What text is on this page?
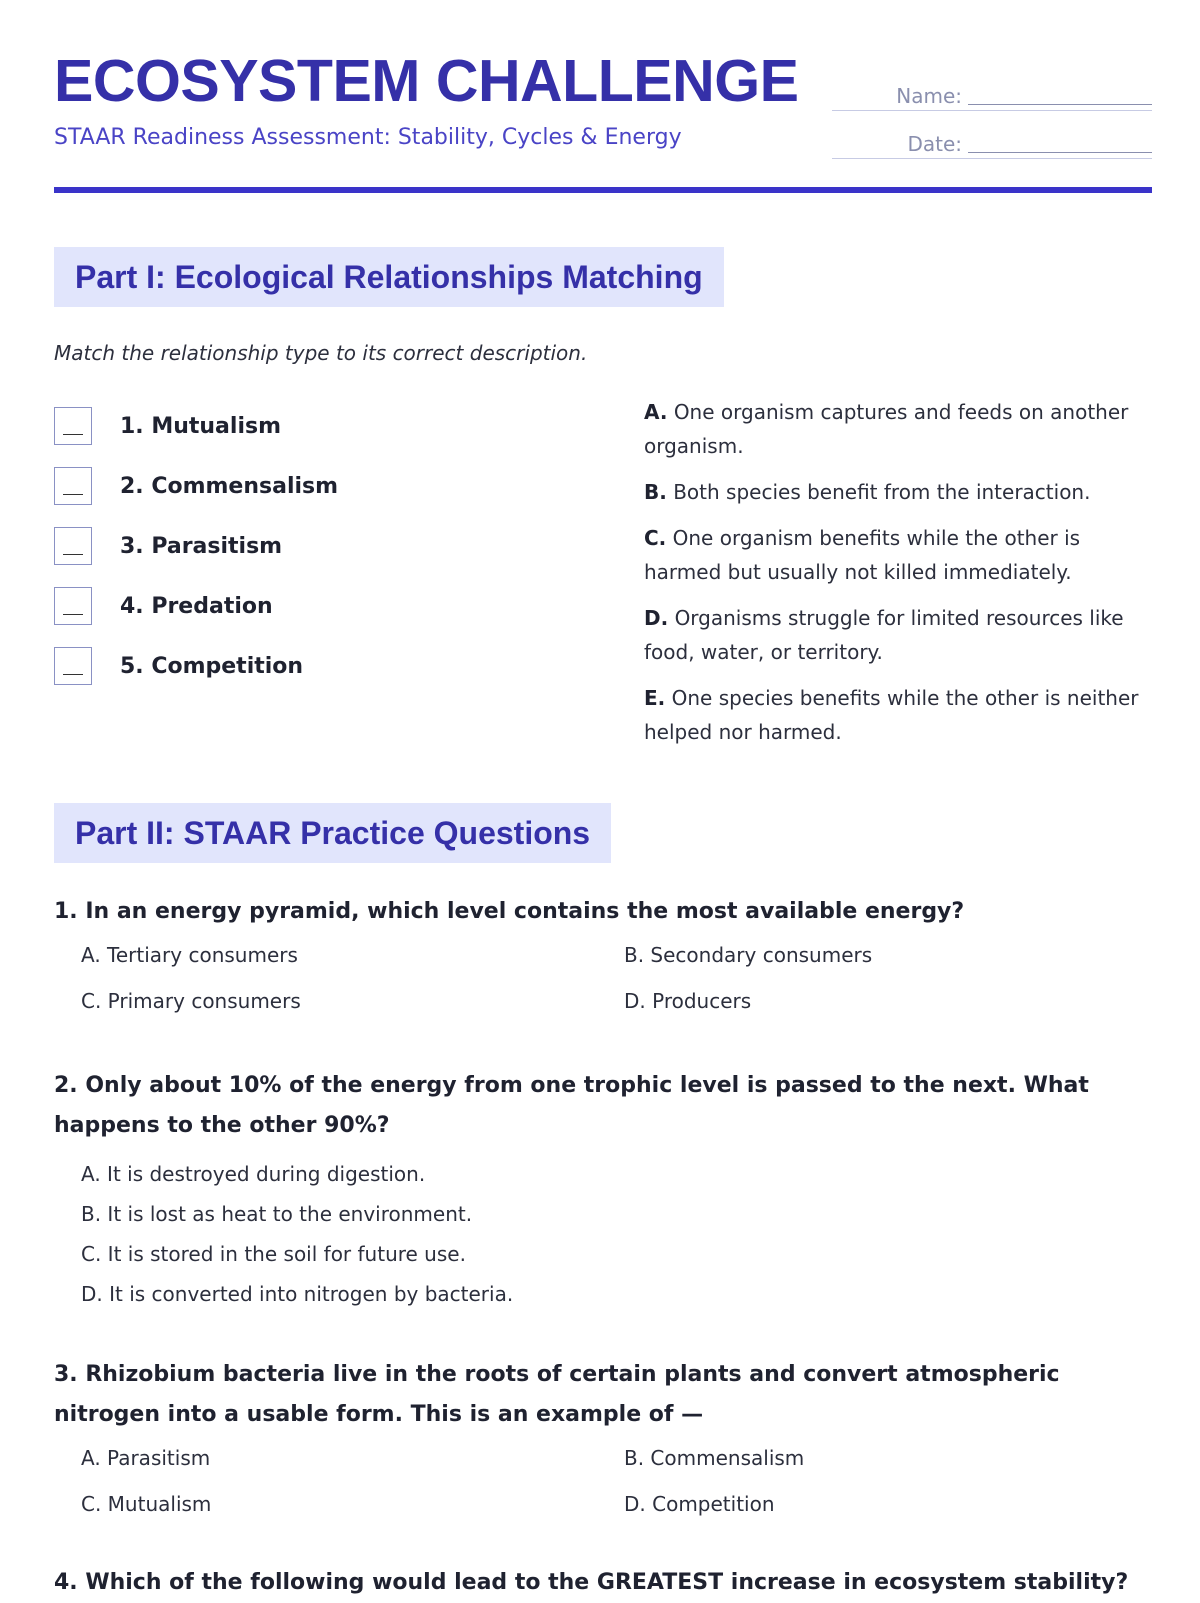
ECOSYSTEM CHALLENGE
STAAR Readiness Assessment: Stability, Cycles & Energy
Name:
Date:
Part I: Ecological Relationships Matching
Match the relationship type to its correct description.
1. Mutualism
2. Commensalism
3. Parasitism
4. Predation
5. Competition
A. One organism captures and feeds on another organism.
B. Both species benefit from the interaction.
C. One organism benefits while the other is harmed but usually not killed immediately.
D. Organisms struggle for limited resources like food, water, or territory.
E. One species benefits while the other is neither helped nor harmed.
Part II: STAAR Practice Questions
1. In an energy pyramid, which level contains the most available energy?
A. Tertiary consumers	B. Secondary consumers
C. Primary consumers	D. Producers
2. Only about 10% of the energy from one trophic level is passed to the next. What happens to the other 90%?
A. It is destroyed during digestion.
B. It is lost as heat to the environment.
C. It is stored in the soil for future use.
D. It is converted into nitrogen by bacteria.
3. Rhizobium bacteria live in the roots of certain plants and convert atmospheric nitrogen into a usable form. This is an example of —
A. Parasitism	B. Commensalism
C. Mutualism	D. Competition
4. Which of the following would lead to the GREATEST increase in ecosystem stability?
